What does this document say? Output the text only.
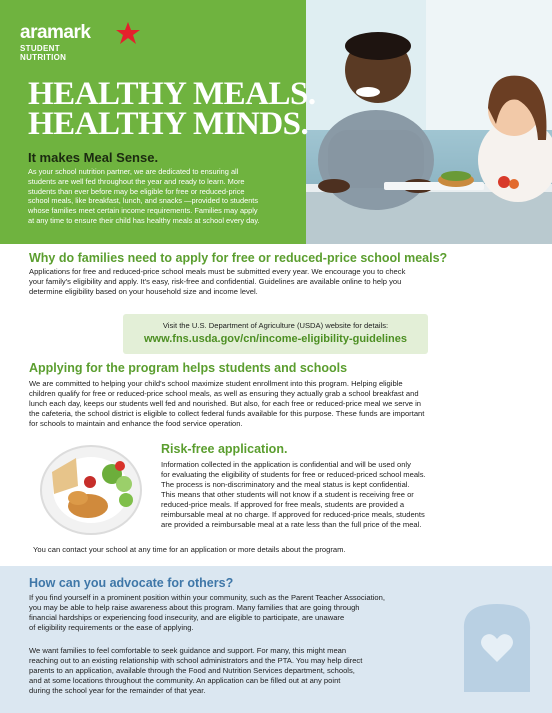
aramark
STUDENT
NUTRITION
HEALTHY MEALS.
HEALTHY MINDS.
It makes Meal Sense.
As your school nutrition partner, we are dedicated to ensuring all
students are well fed throughout the year and ready to learn. More
students than ever before may be eligible for free or reduced-price
school meals, like breakfast, lunch, and snacks —provided to students
whose families meet certain income requirements. Families may apply
at any time to ensure their child has healthy meals at school every day.
Why do families need to apply for free or reduced-price school meals?
Applications for free and reduced-price school meals must be submitted every year. We encourage you to check
your family's eligibility and apply. It's easy, risk-free and confidential. Guidelines are available online to help you
determine eligibility based on your household size and income level.
Visit the U.S. Department of Agriculture (USDA) website for details:
www.fns.usda.gov/cn/income-eligibility-guidelines
Applying for the program helps students and schools
We are committed to helping your child's school maximize student enrollment into this program. Helping eligible
children qualify for free or reduced-price school meals, as well as ensuring they actually grab a school breakfast and
lunch each day, keeps our students well fed and nourished. But also, for each free or reduced-price meal we serve in
the cafeteria, the school district is eligible to collect federal funds available for this purpose. These funds are important
for schools to maintain and enhance the food service operation.
Risk-free application.
Information collected in the application is confidential and will be used only
for evaluating the eligibility of students for free or reduced-priced school meals.
The process is non-discriminatory and the meal status is kept confidential.
This means that other students will not know if a student is receiving free or
reduced-price meals. If approved for free meals, students are provided a
reimbursable meal at no charge. If approved for reduced-price meals, students
are provided a reimbursable meal at a rate less than the full price of the meal.
You can contact your school at any time for an application or more details about the program.
How can you advocate for others?
If you find yourself in a prominent position within your community, such as the Parent Teacher Association,
you may be able to help raise awareness about this program. Many families that are going through
financial hardships or experiencing food insecurity, and are eligible to participate, are unaware
of eligibility requirements or the ease of applying.
We want families to feel comfortable to seek guidance and support. For many, this might mean
reaching out to an existing relationship with school administrators and the PTA. You may help direct
parents to an application, available through the Food and Nutrition Services department, schools,
and at some locations throughout the community. An application can be filled out at any point
during the school year for the remainder of that year.
